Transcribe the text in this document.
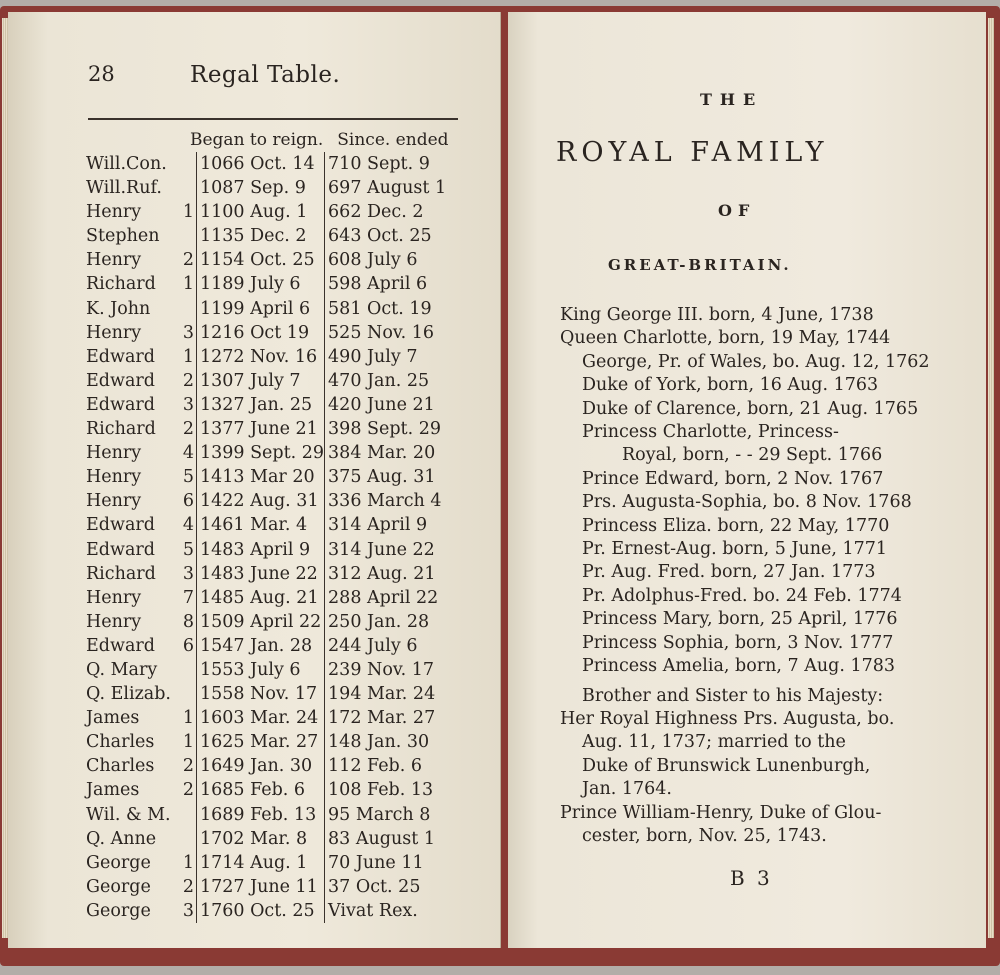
28	Regal Table.
Began to reign. Since. ended
Will.Con.		1066 Oct. 14	710 Sept. 9
Will.Ruf.		1087 Sep. 9	697 August 1
Henry	1	1100 Aug. 1	662 Dec. 2
Stephen		1135 Dec. 2	643 Oct. 25
Henry	2	1154 Oct. 25	608 July 6
Richard	1	1189 July 6	598 April 6
K. John		1199 April 6	581 Oct. 19
Henry	3	1216 Oct 19	525 Nov. 16
Edward	1	1272 Nov. 16	490 July 7
Edward	2	1307 July 7	470 Jan. 25
Edward	3	1327 Jan. 25	420 June 21
Richard	2	1377 June 21	398 Sept. 29
Henry	4	1399 Sept. 29	384 Mar. 20
Henry	5	1413 Mar 20	375 Aug. 31
Henry	6	1422 Aug. 31	336 March 4
Edward	4	1461 Mar. 4	314 April 9
Edward	5	1483 April 9	314 June 22
Richard	3	1483 June 22	312 Aug. 21
Henry	7	1485 Aug. 21	288 April 22
Henry	8	1509 April 22	250 Jan. 28
Edward	6	1547 Jan. 28	244 July 6
Q. Mary		1553 July 6	239 Nov. 17
Q. Elizab.		1558 Nov. 17	194 Mar. 24
James	1	1603 Mar. 24	172 Mar. 27
Charles	1	1625 Mar. 27	148 Jan. 30
Charles	2	1649 Jan. 30	112 Feb. 6
James	2	1685 Feb. 6	108 Feb. 13
Wil. & M.		1689 Feb. 13	95 March 8
Q. Anne		1702 Mar. 8	83 August 1
George	1	1714 Aug. 1	70 June 11
George	2	1727 June 11	37 Oct. 25
George	3	1760 Oct. 25	Vivat Rex.
THE
ROYAL FAMILY
OF
GREAT-BRITAIN.
King George III. born, 4 June, 1738
Queen Charlotte, born, 19 May, 1744
George, Pr. of Wales, bo. Aug. 12, 1762
Duke of York, born, 16 Aug. 1763
Duke of Clarence, born, 21 Aug. 1765
Princess Charlotte, Princess-
Royal, born, - - 29 Sept. 1766
Prince Edward, born, 2 Nov. 1767
Prs. Augusta-Sophia, bo. 8 Nov. 1768
Princess Eliza. born, 22 May, 1770
Pr. Ernest-Aug. born, 5 June, 1771
Pr. Aug. Fred. born, 27 Jan. 1773
Pr. Adolphus-Fred. bo. 24 Feb. 1774
Princess Mary, born, 25 April, 1776
Princess Sophia, born, 3 Nov. 1777
Princess Amelia, born, 7 Aug. 1783
Brother and Sister to his Majesty:
Her Royal Highness Prs. Augusta, bo.
Aug. 11, 1737; married to the
Duke of Brunswick Lunenburgh,
Jan. 1764.
Prince William-Henry, Duke of Glou-
cester, born, Nov. 25, 1743.
B 3
